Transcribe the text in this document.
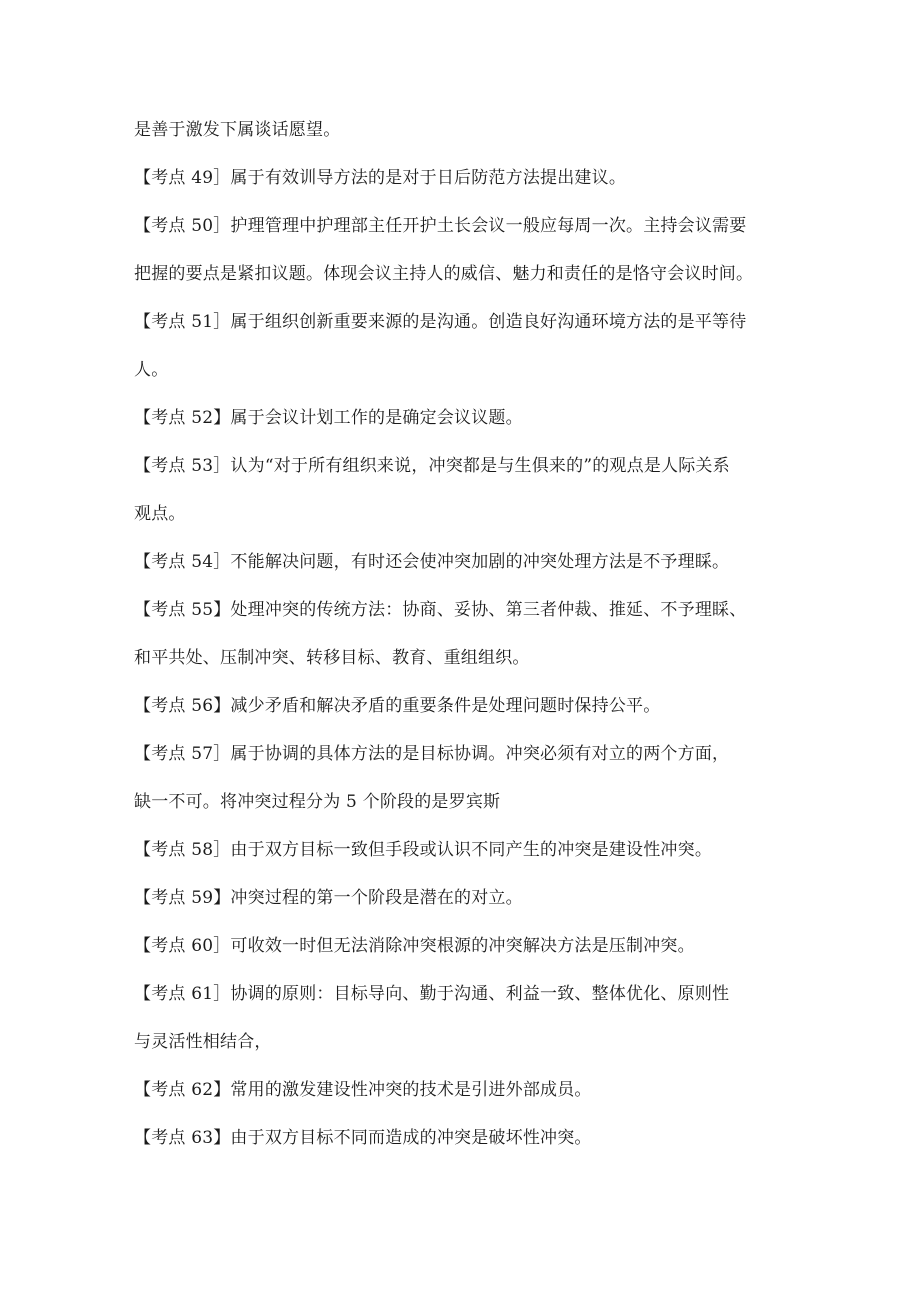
是善于激发下属谈话愿望。
【考点 49］属于有效训导方法的是对于日后防范方法提出建议。
【考点 50］护理管理中护理部主任开护土长会议一般应每周一次。主持会议需要
把握的要点是紧扣议题。体现会议主持人的威信、魅力和责任的是恪守会议时间。
【考点 51］属于组织创新重要来源的是沟通。创造良好沟通环境方法的是平等待
人。
【考点 52】属于会议计划工作的是确定会议议题。
【考点 53］认为“对于所有组织来说，冲突都是与生俱来的”的观点是人际关系
观点。
【考点 54］不能解决问题，有时还会使冲突加剧的冲突处理方法是不予理睬。
【考点 55】处理冲突的传统方法：协商、妥协、第三者仲裁、推延、不予理睬、
和平共处、压制冲突、转移目标、教育、重组组织。
【考点 56】减少矛盾和解决矛盾的重要条件是处理问题时保持公平。
【考点 57］属于协调的具体方法的是目标协调。冲突必须有对立的两个方面，
缺一不可。将冲突过程分为 5 个阶段的是罗宾斯
【考点 58］由于双方目标一致但手段或认识不同产生的冲突是建设性冲突。
【考点 59】冲突过程的第一个阶段是潜在的对立。
【考点 60］可收效一时但无法消除冲突根源的冲突解决方法是压制冲突。
【考点 61］协调的原则：目标导向、勤于沟通、利益一致、整体优化、原则性
与灵活性相结合，
【考点 62】常用的激发建设性冲突的技术是引进外部成员。
【考点 63】由于双方目标不同而造成的冲突是破坏性冲突。
